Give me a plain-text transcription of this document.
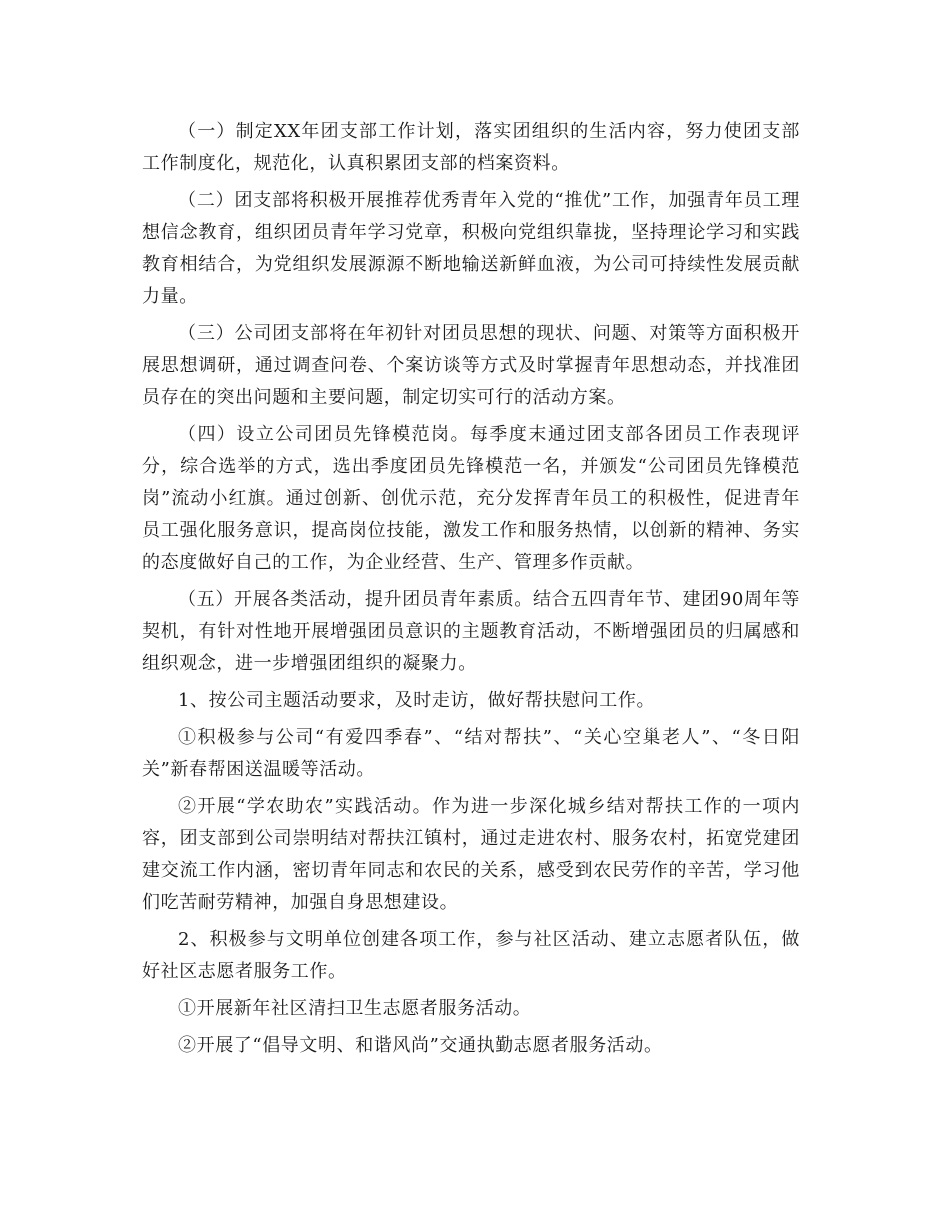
（一）制定XX年团支部工作计划，落实团组织的生活内容，努力使团支部工作制度化，规范化，认真积累团支部的档案资料。

（二）团支部将积极开展推荐优秀青年入党的“推优”工作，加强青年员工理想信念教育，组织团员青年学习党章，积极向党组织靠拢，坚持理论学习和实践教育相结合，为党组织发展源源不断地输送新鲜血液，为公司可持续性发展贡献力量。

（三）公司团支部将在年初针对团员思想的现状、问题、对策等方面积极开展思想调研，通过调查问卷、个案访谈等方式及时掌握青年思想动态，并找准团员存在的突出问题和主要问题，制定切实可行的活动方案。

（四）设立公司团员先锋模范岗。每季度末通过团支部各团员工作表现评分，综合选举的方式，选出季度团员先锋模范一名，并颁发“公司团员先锋模范岗”流动小红旗。通过创新、创优示范，充分发挥青年员工的积极性，促进青年员工强化服务意识，提高岗位技能，激发工作和服务热情，以创新的精神、务实的态度做好自己的工作，为企业经营、生产、管理多作贡献。

（五）开展各类活动，提升团员青年素质。结合五四青年节、建团90周年等契机，有针对性地开展增强团员意识的主题教育活动，不断增强团员的归属感和组织观念，进一步增强团组织的凝聚力。

1、按公司主题活动要求，及时走访，做好帮扶慰问工作。

①积极参与公司“有爱四季春”、“结对帮扶”、“关心空巢老人”、“冬日阳关”新春帮困送温暖等活动。

②开展“学农助农”实践活动。作为进一步深化城乡结对帮扶工作的一项内容，团支部到公司崇明结对帮扶江镇村，通过走进农村、服务农村，拓宽党建团建交流工作内涵，密切青年同志和农民的关系，感受到农民劳作的辛苦，学习他们吃苦耐劳精神，加强自身思想建设。

2、积极参与文明单位创建各项工作，参与社区活动、建立志愿者队伍，做好社区志愿者服务工作。

①开展新年社区清扫卫生志愿者服务活动。

②开展了“倡导文明、和谐风尚”交通执勤志愿者服务活动。
